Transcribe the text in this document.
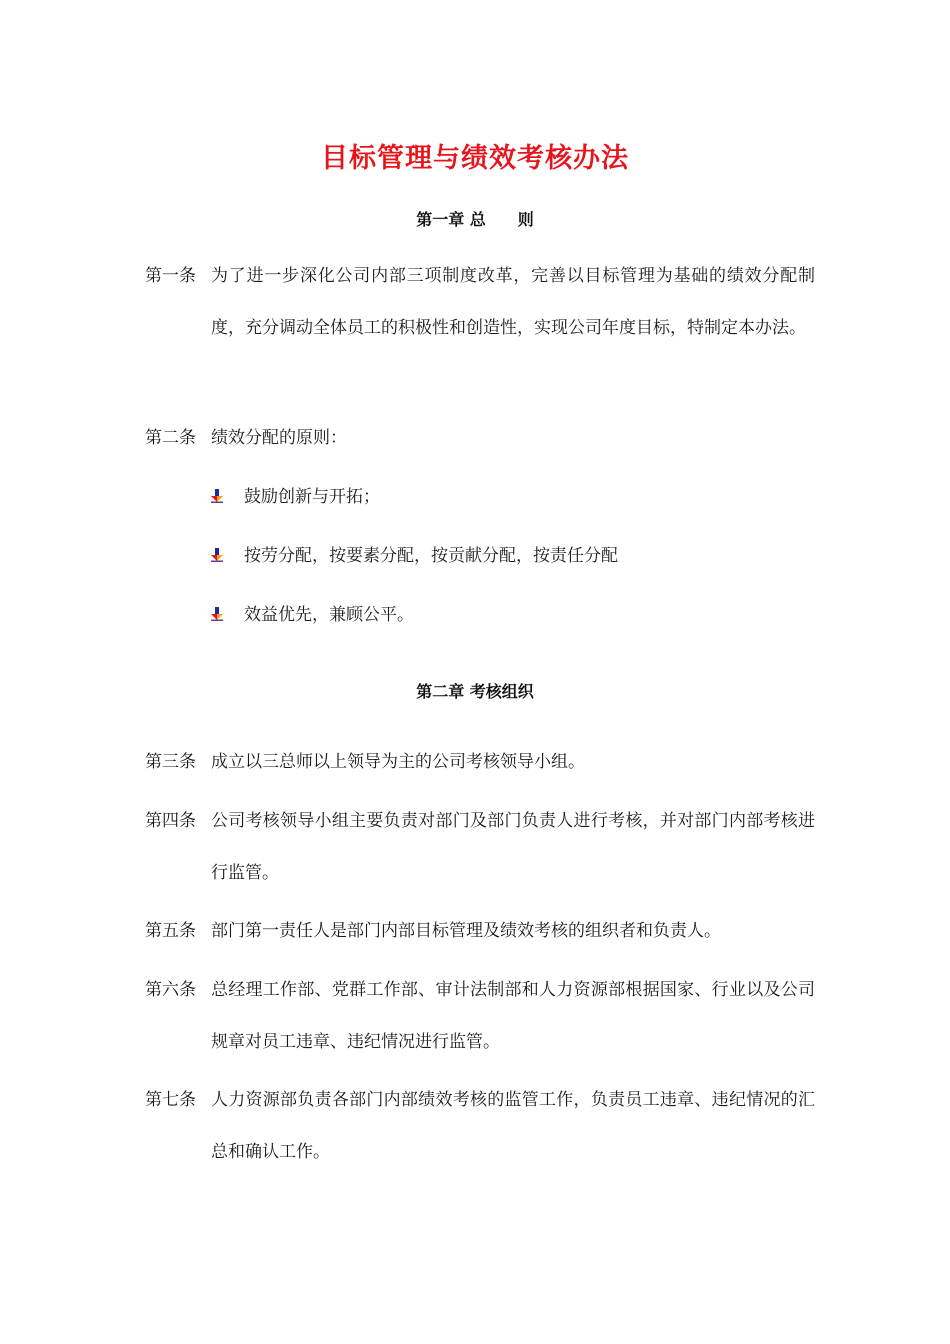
目标管理与绩效考核办法
第一章 总　　则
第一条 为了进一步深化公司内部三项制度改革，完善以目标管理为基础的绩效分配制度，充分调动全体员工的积极性和创造性，实现公司年度目标，特制定本办法。
第二条 绩效分配的原则：
鼓励创新与开拓；
按劳分配，按要素分配，按贡献分配，按责任分配
效益优先，兼顾公平。
第二章 考核组织
第三条 成立以三总师以上领导为主的公司考核领导小组。
第四条 公司考核领导小组主要负责对部门及部门负责人进行考核，并对部门内部考核进行监管。
第五条 部门第一责任人是部门内部目标管理及绩效考核的组织者和负责人。
第六条 总经理工作部、党群工作部、审计法制部和人力资源部根据国家、行业以及公司规章对员工违章、违纪情况进行监管。
第七条 人力资源部负责各部门内部绩效考核的监管工作，负责员工违章、违纪情况的汇总和确认工作。
